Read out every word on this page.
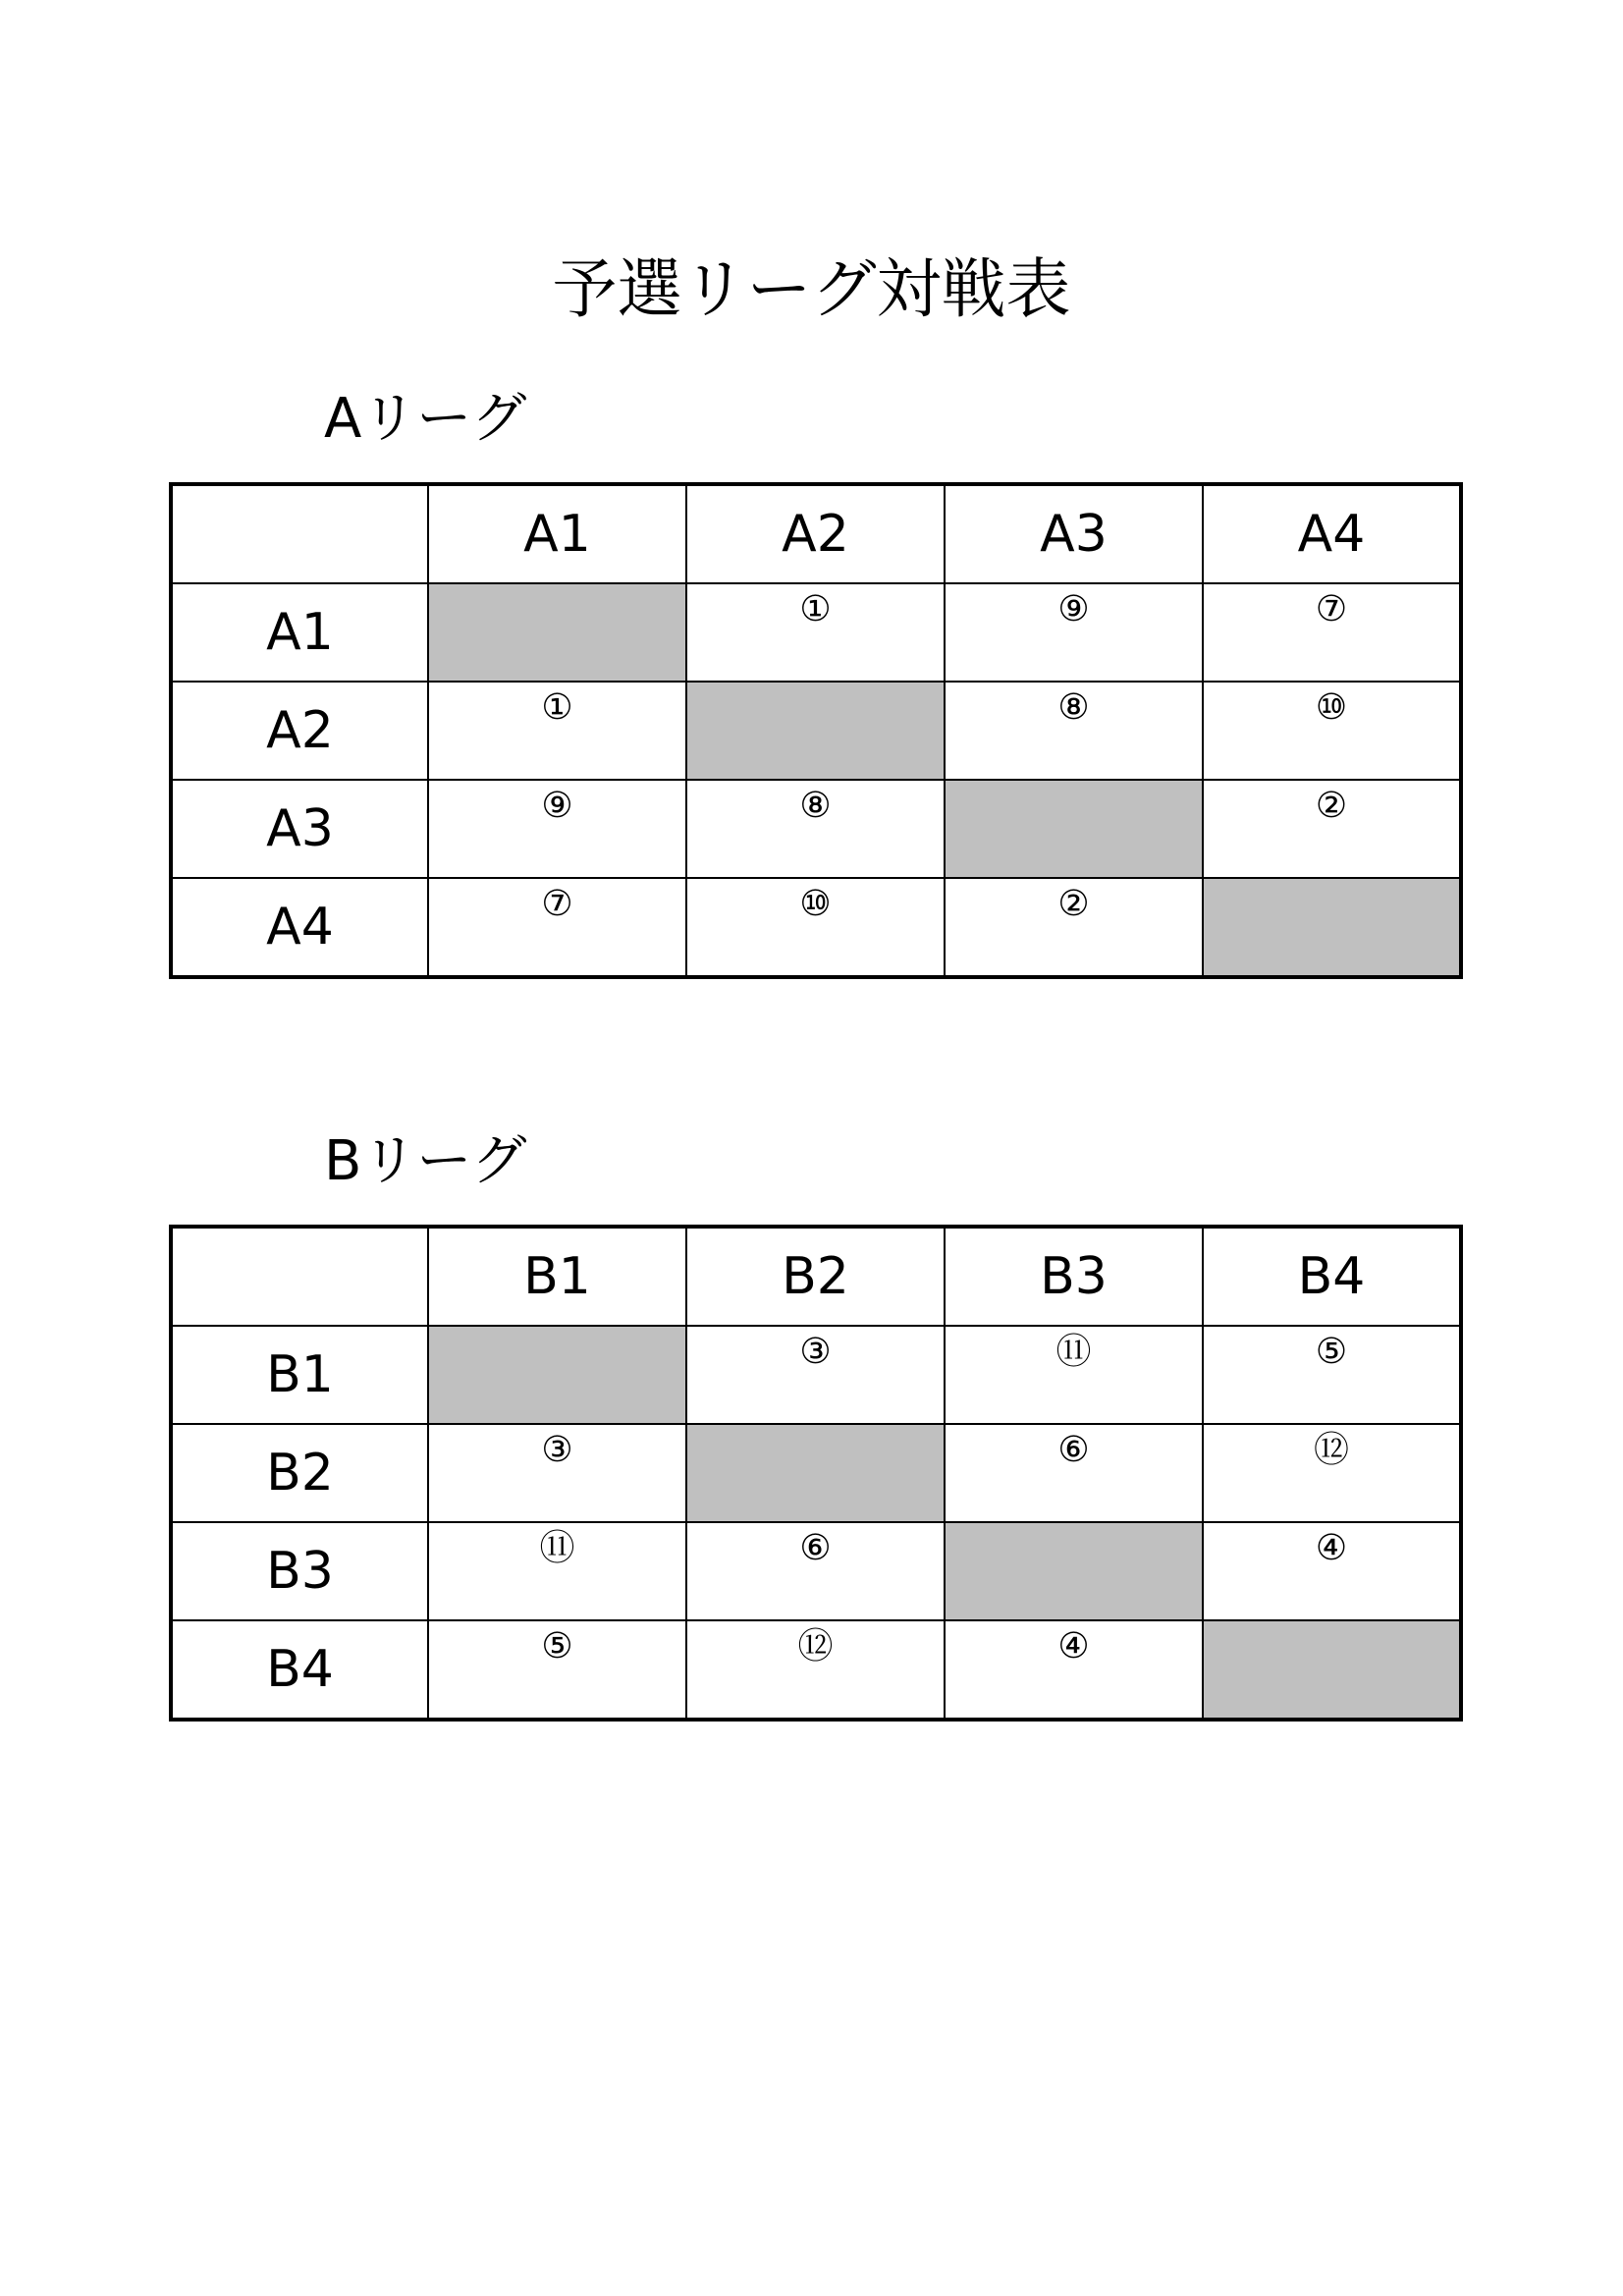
予選リーグ対戦表
Aリーグ
	A1	A2	A3	A4
A1		①	⑨	⑦

A2	①		⑧	⑩

A3	⑨	⑧		②

A4	⑦	⑩	②	

Bリーグ
	B1	B2	B3	B4
B1		③	⑪	⑤

B2	③		⑥	⑫

B3	⑪	⑥		④

B4	⑤	⑫	④	
